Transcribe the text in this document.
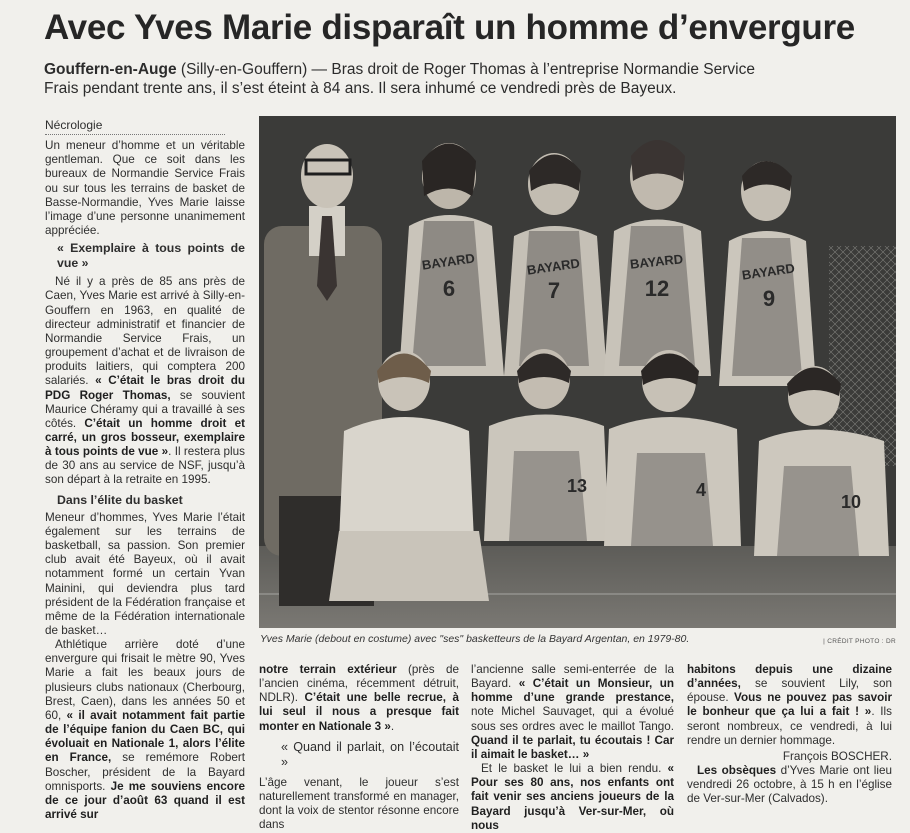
Avec Yves Marie disparaît un homme d’envergure
Gouffern-en-Auge (Silly-en-Gouffern) — Bras droit de Roger Thomas à l’entreprise Normandie Service
Frais pendant trente ans, il s’est éteint à 84 ans. Il sera inhumé ce vendredi près de Bayeux.
Nécrologie

Un meneur d’homme et un véritable gentleman. Que ce soit dans les bureaux de Normandie Service Frais ou sur tous les terrains de basket de Basse-Normandie, Yves Marie laisse l’image d’une personne unanimement appréciée.

« Exemplaire à tous points de vue »

Né il y a près de 85 ans près de Caen, Yves Marie est arrivé à Silly-en-Gouffern en 1963, en qualité de directeur administratif et financier de Normandie Service Frais, un groupement d’achat et de livraison de produits laitiers, qui comptera 200 salariés. « C’était le bras droit du PDG Roger Thomas, se souvient Maurice Chéramy qui a travaillé à ses côtés. C’était un homme droit et carré, un gros bosseur, exemplaire à tous points de vue ». Il restera plus de 30 ans au service de NSF, jusqu’à son départ à la retraite en 1995.

Dans l’élite du basket

Meneur d’hommes, Yves Marie l’était également sur les terrains de basketball, sa passion. Son premier club avait été Bayeux, où il avait notamment formé un certain Yvan Mainini, qui deviendra plus tard président de la Fédération française et même de la Fédération internationale de basket…

Athlétique arrière doté d’une envergure qui frisait le mètre 90, Yves Marie a fait les beaux jours de plusieurs clubs nationaux (Cherbourg, Brest, Caen), dans les années 50 et 60, « il avait notamment fait partie de l’équipe fanion du Caen BC, qui évoluait en Nationale 1, alors l’élite en France, se remémore Robert Boscher, président de la Bayard omnisports. Je me souviens encore de ce jour d’août 63 quand il est arrivé sur

BAYARD
6
BAYARD
7
BAYARD
12
BAYARD
9
13	4
10
Yves Marie (debout en costume) avec "ses" basketteurs de la Bayard Argentan, en 1979-80.	| CRÉDIT PHOTO : DR

notre terrain extérieur (près de l’ancien cinéma, récemment détruit, NDLR). C’était une belle recrue, à lui seul il nous a presque fait monter en Nationale 3 ».

« Quand il parlait, on l’écoutait »

L’âge venant, le joueur s’est naturellement transformé en manager, dont la voix de stentor résonne encore dans

l’ancienne salle semi-enterrée de la Bayard. « C’était un Monsieur, un homme d’une grande prestance, note Michel Sauvaget, qui a évolué sous ses ordres avec le maillot Tango. Quand il te parlait, tu écoutais ! Car il aimait le basket… »

Et le basket le lui a bien rendu. « Pour ses 80 ans, nos enfants ont fait venir ses anciens joueurs de la Bayard jusqu’à Ver-sur-Mer, où nous

habitons depuis une dizaine d’années, se souvient Lily, son épouse. Vous ne pouvez pas savoir le bonheur que ça lui a fait ! ». Ils seront nombreux, ce vendredi, à lui rendre un dernier hommage.

François BOSCHER.

Les obsèques d’Yves Marie ont lieu vendredi 26 octobre, à 15 h en l’église de Ver-sur-Mer (Calvados).
